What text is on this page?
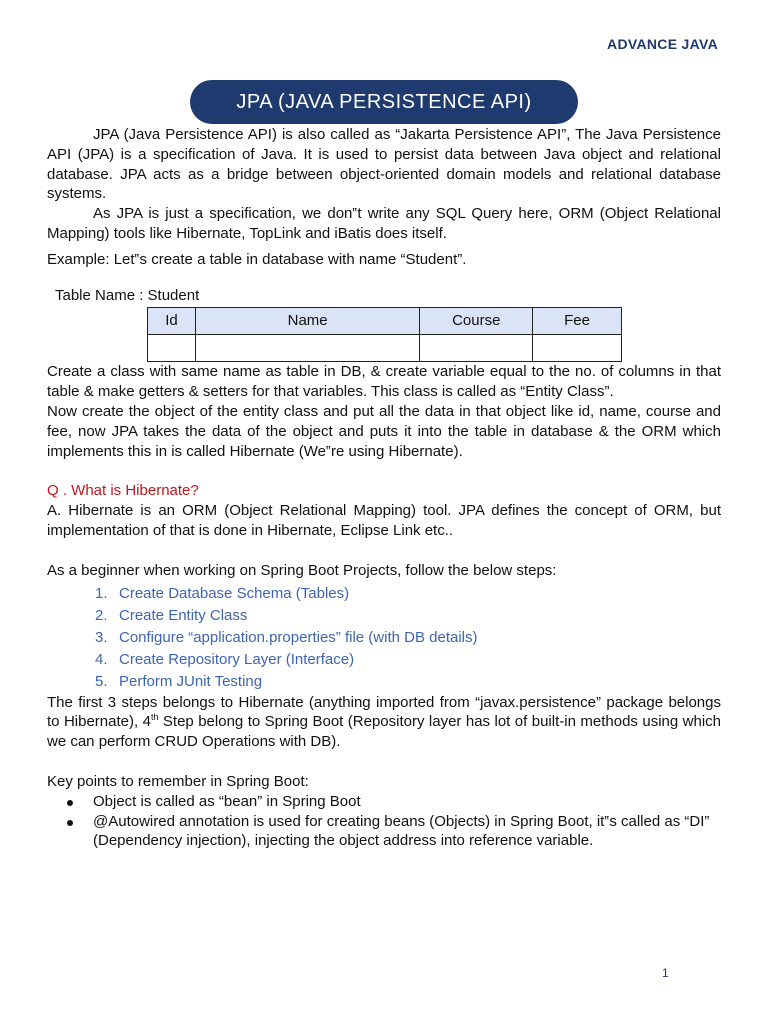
ADVANCE JAVA
JPA (JAVA PERSISTENCE API)

JPA (Java Persistence API) is also called as “Jakarta Persistence API”, The Java Persistence API (JPA) is a specification of Java. It is used to persist data between Java object and relational database. JPA acts as a bridge between object-oriented domain models and relational database systems.

As JPA is just a specification, we don‟t write any SQL Query here, ORM (Object Relational Mapping) tools like Hibernate, TopLink and iBatis does itself.

Example: Let‟s create a table in database with name “Student”.

Table Name : Student

Id	Name	Course	Fee

Create a class with same name as table in DB, & create variable equal to the no. of columns in that table & make getters & setters for that variables. This class is called as “Entity Class”.

Now create the object of the entity class and put all the data in that object like id, name, course and fee, now JPA takes the data of the object and puts it into the table in database & the ORM which implements this in is called Hibernate (We‟re using Hibernate).

Q . What is Hibernate?

A. Hibernate is an ORM (Object Relational Mapping) tool. JPA defines the concept of ORM, but implementation of that is done in Hibernate, Eclipse Link etc..

As a beginner when working on Spring Boot Projects, follow the below steps:

1. Create Database Schema (Tables)
2. Create Entity Class
3. Configure “application.properties” file (with DB details)
4. Create Repository Layer (Interface)
5. Perform JUnit Testing

The first 3 steps belongs to Hibernate (anything imported from “javax.persistence” package belongs to Hibernate), 4th Step belong to Spring Boot (Repository layer has lot of built-in methods using which we can perform CRUD Operations with DB).

Key points to remember in Spring Boot:

Object is called as “bean” in Spring Boot
@Autowired annotation is used for creating beans (Objects) in Spring Boot, it‟s called as “DI” (Dependency injection), injecting the object address into reference variable.
1
